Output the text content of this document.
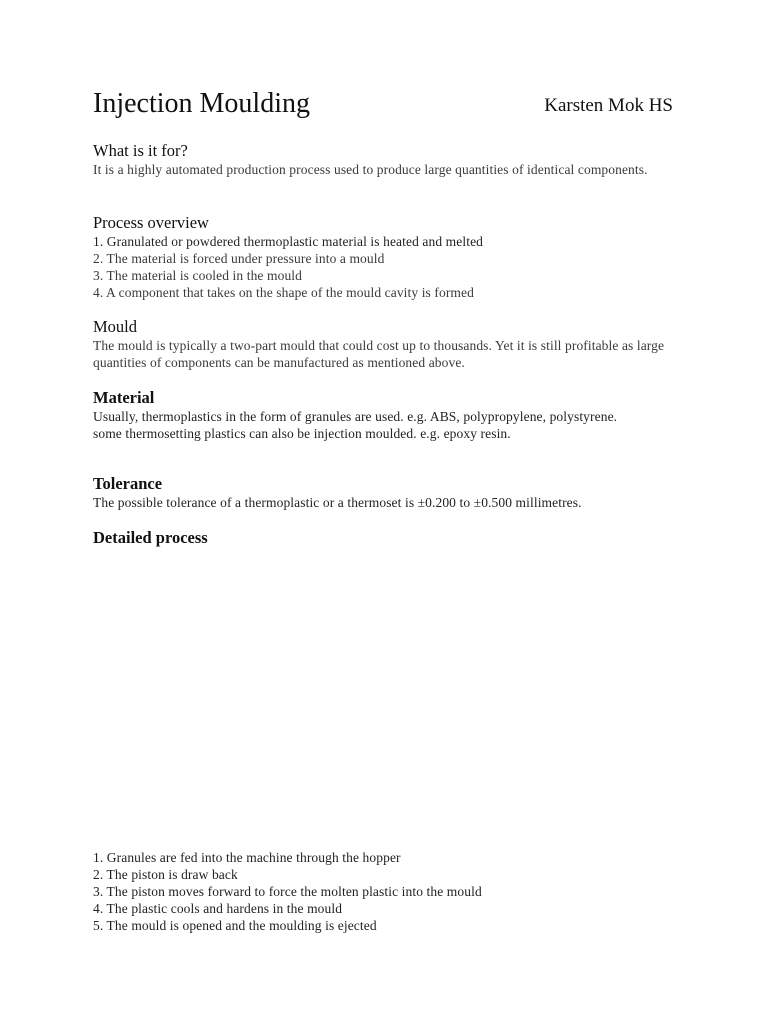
Injection Moulding	Karsten Mok HS
What is it for?

It is a highly automated production process used to produce large quantities of identical components.

Process overview
1. Granulated or powdered thermoplastic material is heated and melted
2. The material is forced under pressure into a mould
3. The material is cooled in the mould
4. A component that takes on the shape of the mould cavity is formed
Mould

The mould is typically a two-part mould that could cost up to thousands. Yet it is still profitable as large quantities of components can be manufactured as mentioned above.

Material

Usually, thermoplastics in the form of granules are used. e.g. ABS, polypropylene, polystyrene.

some thermosetting plastics can also be injection moulded. e.g. epoxy resin.

Tolerance

The possible tolerance of a thermoplastic or a thermoset is ±0.200 to ±0.500 millimetres.

Detailed process
1. Granules are fed into the machine through the hopper
2. The piston is draw back
3. The piston moves forward to force the molten plastic into the mould
4. The plastic cools and hardens in the mould
5. The mould is opened and the moulding is ejected
